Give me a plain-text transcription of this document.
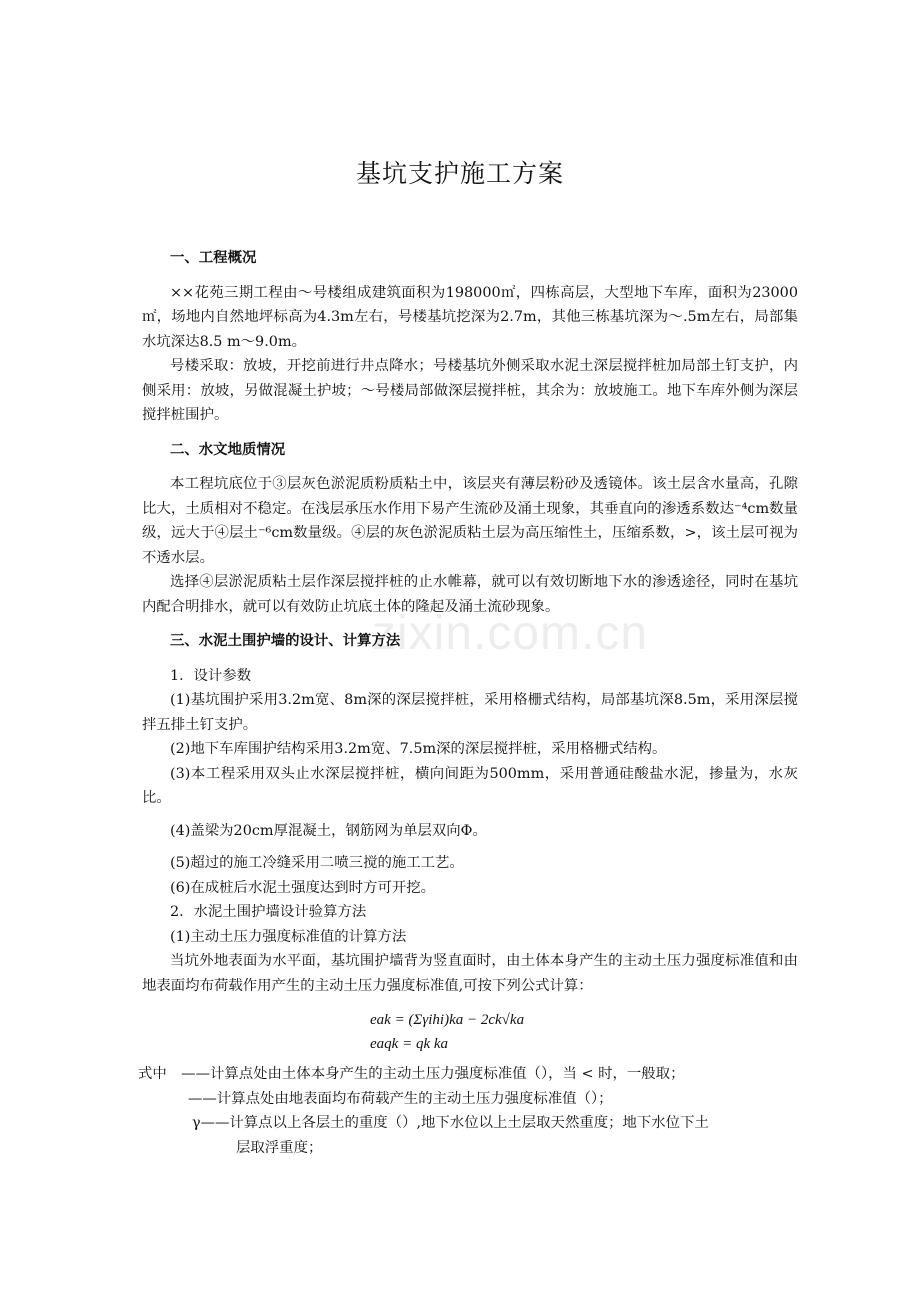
zixin.com.cn
基坑支护施工方案

一、工程概况

××花苑三期工程由～号楼组成建筑面积为198000㎡，四栋高层，大型地下车库，面积为23000㎡，场地内自然地坪标高为4.3m左右，号楼基坑挖深为2.7m，其他三栋基坑深为～.5m左右，局部集水坑深达8.5 m～9.0m。

号楼采取：放坡，开挖前进行井点降水；号楼基坑外侧采取水泥土深层搅拌桩加局部土钉支护，内侧采用：放坡，另做混凝土护坡；～号楼局部做深层搅拌桩，其余为：放坡施工。地下车库外侧为深层搅拌桩围护。

二、水文地质情况

本工程坑底位于③层灰色淤泥质粉质粘土中，该层夹有薄层粉砂及透镜体。该土层含水量高，孔隙比大，土质相对不稳定。在浅层承压水作用下易产生流砂及涌土现象，其垂直向的渗透系数达⁻⁴cm数量级，远大于④层土⁻⁶cm数量级。④层的灰色淤泥质粘土层为高压缩性土，压缩系数，>，该土层可视为不透水层。

选择④层淤泥质粘土层作深层搅拌桩的止水帷幕，就可以有效切断地下水的渗透途径，同时在基坑内配合明排水，就可以有效防止坑底土体的隆起及涌土流砂现象。

三、水泥土围护墙的设计、计算方法

1．设计参数

(1)基坑围护采用3.2m宽、8m深的深层搅拌桩，采用格栅式结构，局部基坑深8.5m，采用深层搅拌五排土钉支护。

(2)地下车库围护结构采用3.2m宽、7.5m深的深层搅拌桩，采用格栅式结构。

(3)本工程采用双头止水深层搅拌桩，横向间距为500mm，采用普通硅酸盐水泥，掺量为，水灰比。

(4)盖梁为20cm厚混凝土，钢筋网为单层双向Φ。

(5)超过的施工冷缝采用二喷三搅的施工工艺。

(6)在成桩后水泥土强度达到时方可开挖。

2．水泥土围护墙设计验算方法

(1)主动土压力强度标准值的计算方法

当坑外地表面为水平面，基坑围护墙背为竖直面时，由土体本身产生的主动土压力强度标准值和由地表面均布荷载作用产生的主动土压力强度标准值,可按下列公式计算：

eak = (Σγihi)ka − 2ck√ka
eaqk = qk ka

式中　——计算点处由土体本身产生的主动土压力强度标准值（），当 < 时，一般取；

——计算点处由地表面均布荷载产生的主动土压力强度标准值（）；

γ——计算点以上各层土的重度（）,地下水位以上土层取天然重度；地下水位下土

层取浮重度；
